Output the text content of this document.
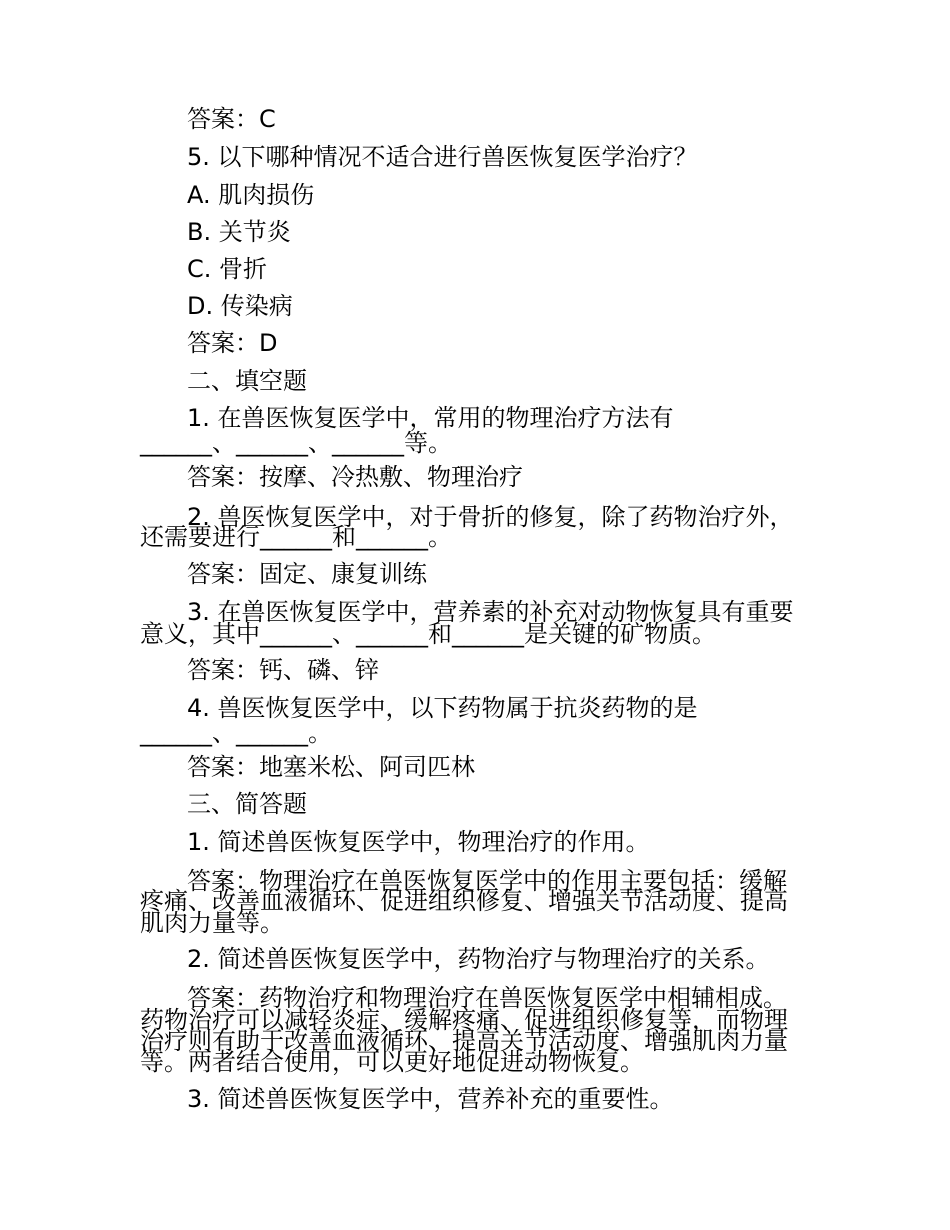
答案：C
5. 以下哪种情况不适合进行兽医恢复医学治疗？
A. 肌肉损伤
B. 关节炎
C. 骨折
D. 传染病
答案：D
二、填空题
1. 在兽医恢复医学中，常用的物理治疗方法有
______、______、______等。
答案：按摩、冷热敷、物理治疗
2. 兽医恢复医学中，对于骨折的修复，除了药物治疗外，
还需要进行______和______。
答案：固定、康复训练
3. 在兽医恢复医学中，营养素的补充对动物恢复具有重要
意义，其中______、______和______是关键的矿物质。
答案：钙、磷、锌
4. 兽医恢复医学中，以下药物属于抗炎药物的是
______、______。
答案：地塞米松、阿司匹林
三、简答题
1. 简述兽医恢复医学中，物理治疗的作用。
答案：物理治疗在兽医恢复医学中的作用主要包括：缓解
疼痛、改善血液循环、促进组织修复、增强关节活动度、提高
肌肉力量等。
2. 简述兽医恢复医学中，药物治疗与物理治疗的关系。
答案：药物治疗和物理治疗在兽医恢复医学中相辅相成。
药物治疗可以减轻炎症、缓解疼痛、促进组织修复等，而物理
治疗则有助于改善血液循环、提高关节活动度、增强肌肉力量
等。两者结合使用，可以更好地促进动物恢复。
3. 简述兽医恢复医学中，营养补充的重要性。
